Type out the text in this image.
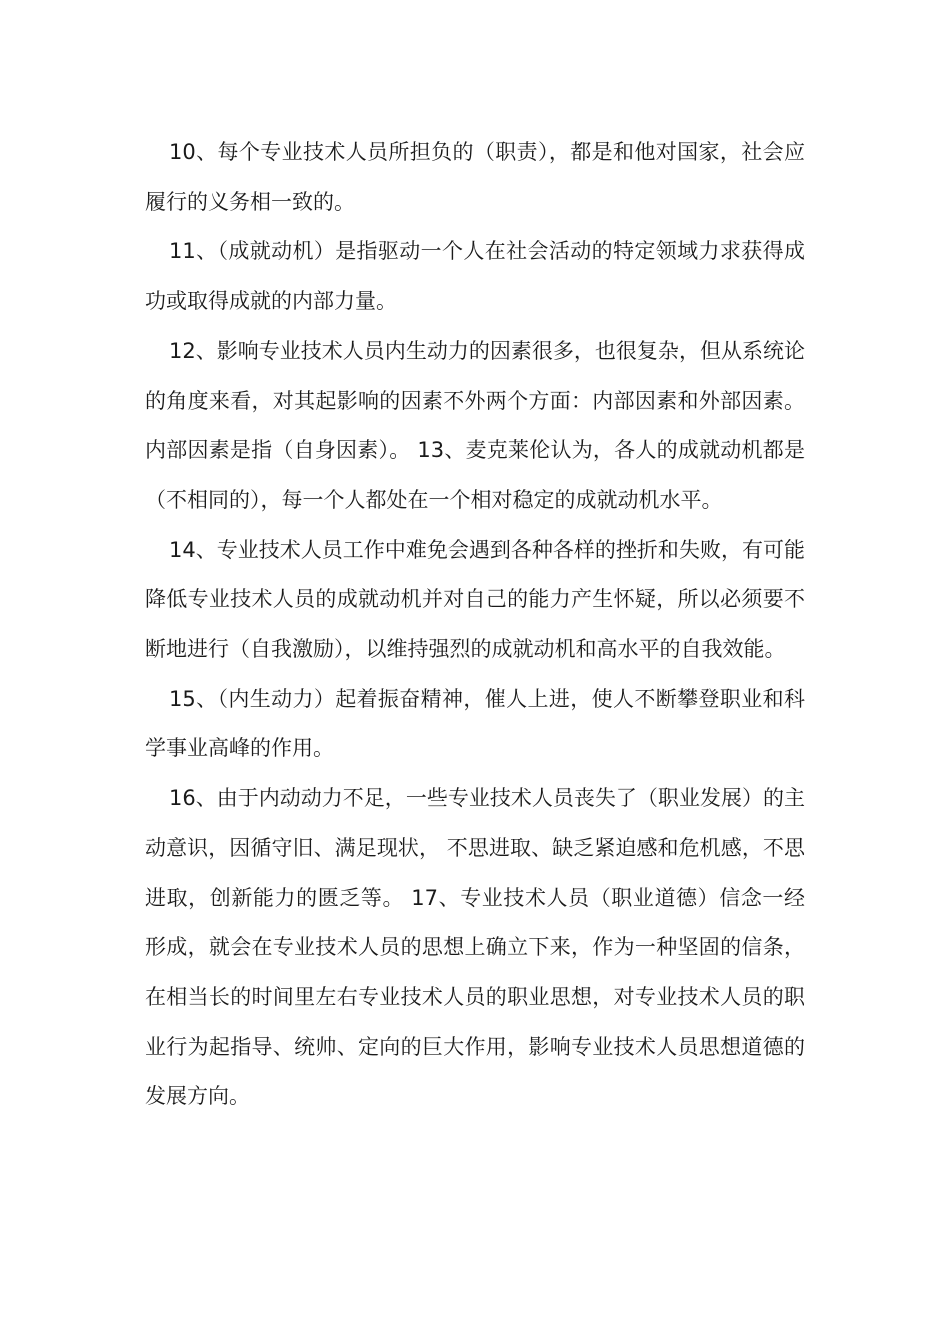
10、每个专业技术人员所担负的（职责），都是和他对国家，社会应履行的义务相一致的。

11、（成就动机）是指驱动一个人在社会活动的特定领域力求获得成功或取得成就的内部力量。

12、影响专业技术人员内生动力的因素很多，也很复杂，但从系统论的角度来看，对其起影响的因素不外两个方面：内部因素和外部因素。内部因素是指（自身因素）。 13、麦克莱伦认为，各人的成就动机都是（不相同的），每一个人都处在一个相对稳定的成就动机水平。

14、专业技术人员工作中难免会遇到各种各样的挫折和失败，有可能降低专业技术人员的成就动机并对自己的能力产生怀疑，所以必须要不断地进行（自我激励），以维持强烈的成就动机和高水平的自我效能。

15、（内生动力）起着振奋精神，催人上进，使人不断攀登职业和科学事业高峰的作用。

16、由于内动动力不足，一些专业技术人员丧失了（职业发展）的主动意识，因循守旧、满足现状， 不思进取、缺乏紧迫感和危机感，不思进取，创新能力的匮乏等。 17、专业技术人员（职业道德）信念一经形成，就会在专业技术人员的思想上确立下来，作为一种坚固的信条，在相当长的时间里左右专业技术人员的职业思想，对专业技术人员的职业行为起指导、统帅、定向的巨大作用，影响专业技术人员思想道德的发展方向。
